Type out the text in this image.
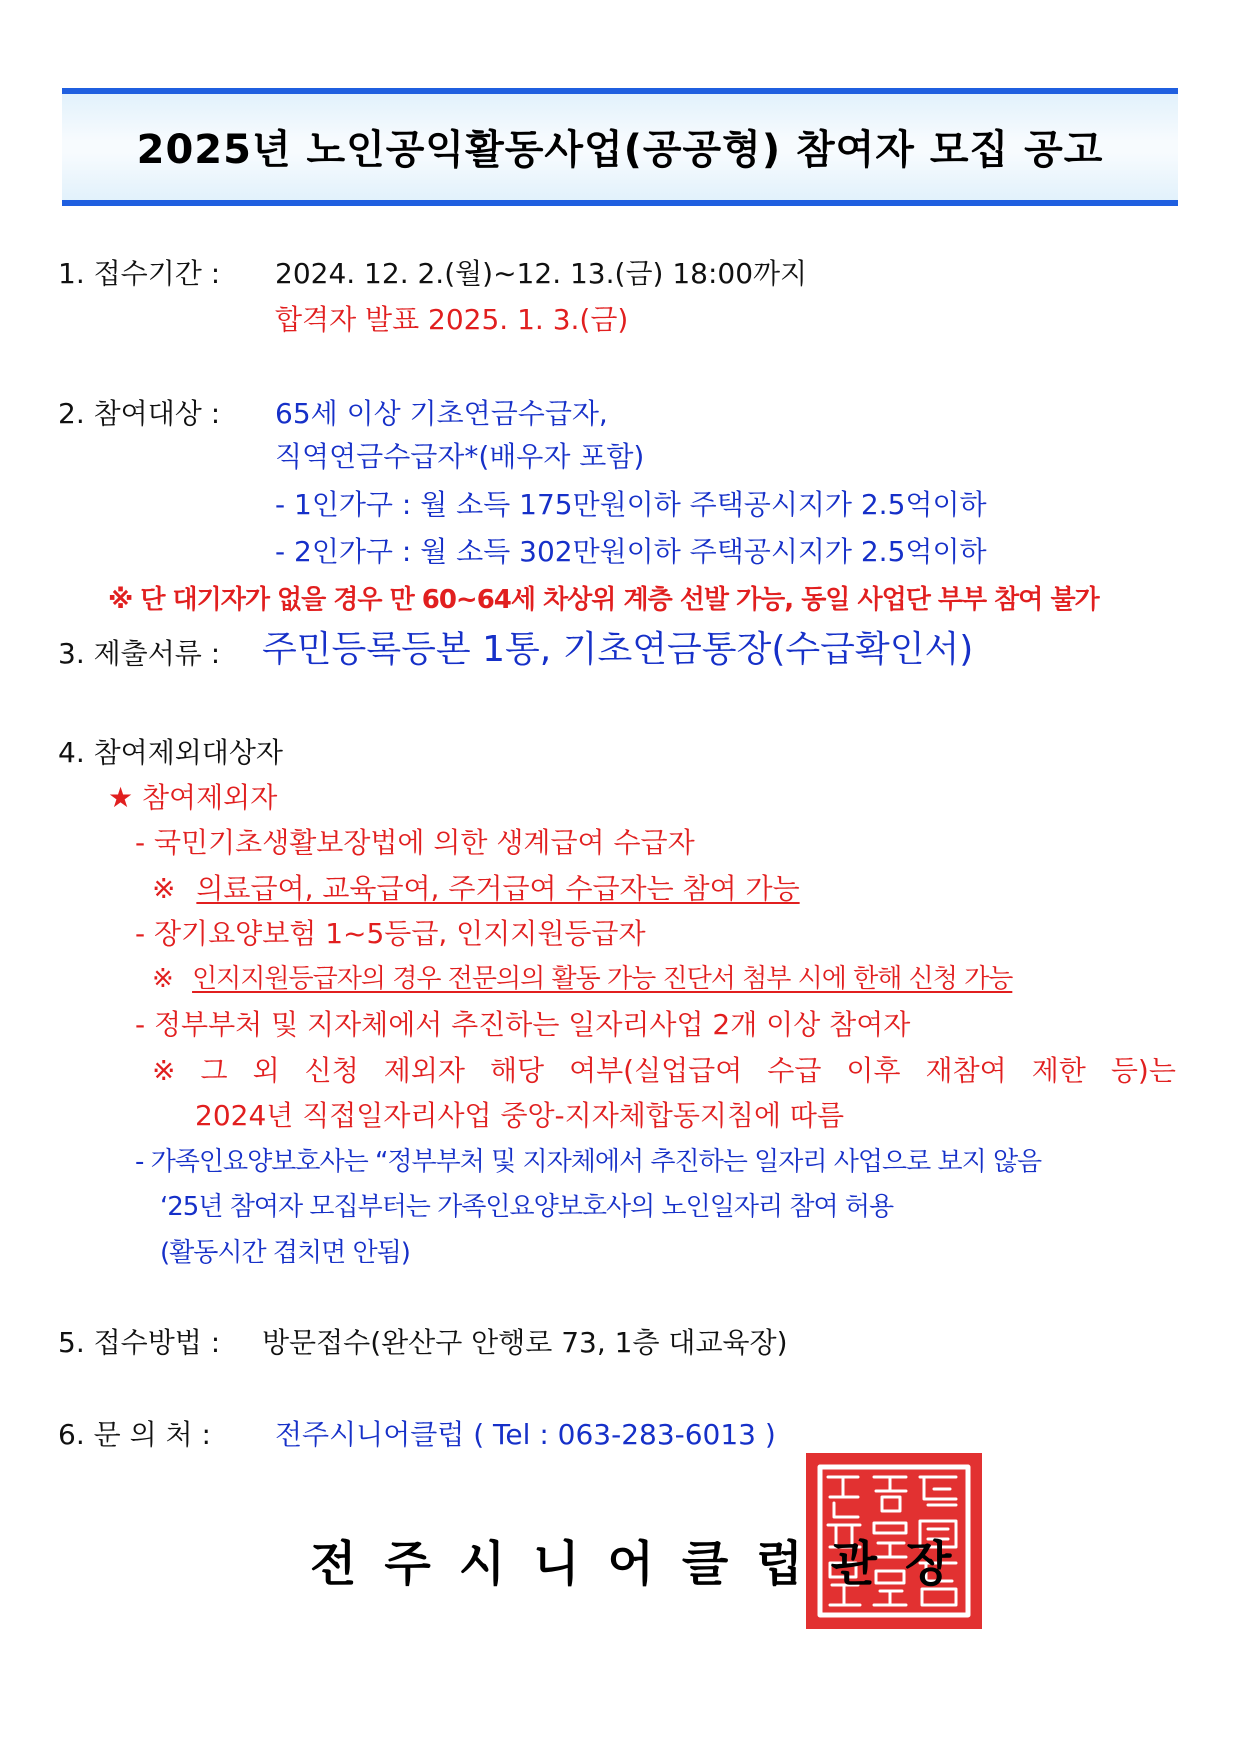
2025년 노인공익활동사업(공공형) 참여자 모집 공고
1. 접수기간 : 2024. 12. 2.(월)∼12. 13.(금) 18:00까지
합격자 발표 2025. 1. 3.(금)
2. 참여대상 : 65세 이상 기초연금수급자,
직역연금수급자*(배우자 포함)
- 1인가구 : 월 소득 175만원이하 주택공시지가 2.5억이하
- 2인가구 : 월 소득 302만원이하 주택공시지가 2.5억이하
※ 단 대기자가 없을 경우 만 60~64세 차상위 계층 선발 가능, 동일 사업단 부부 참여 불가
3. 제출서류 : 주민등록등본 1통, 기초연금통장(수급확인서)
4. 참여제외대상자
★ 참여제외자
- 국민기초생활보장법에 의한 생계급여 수급자
※ 의료급여, 교육급여, 주거급여 수급자는 참여 가능
- 장기요양보험 1~5등급, 인지지원등급자
※ 인지지원등급자의 경우 전문의의 활동 가능 진단서 첨부 시에 한해 신청 가능
- 정부부처 및 지자체에서 추진하는 일자리사업 2개 이상 참여자
※ 그 외 신청 제외자 해당 여부(실업급여 수급 이후 재참여 제한 등)는
2024년 직접일자리사업 중앙-지자체합동지침에 따름
- 가족인요양보호사는 “정부부처 및 지자체에서 추진하는 일자리 사업으로 보지 않음
‘25년 참여자 모집부터는 가족인요양보호사의 노인일자리 참여 허용
(활동시간 겹치면 안됨)
5. 접수방법 : 방문접수(완산구 안행로 73, 1층 대교육장)
6. 문 의 처 : 전주시니어클럽 ( Tel : 063-283-6013 )
전주시니어클럽관장
